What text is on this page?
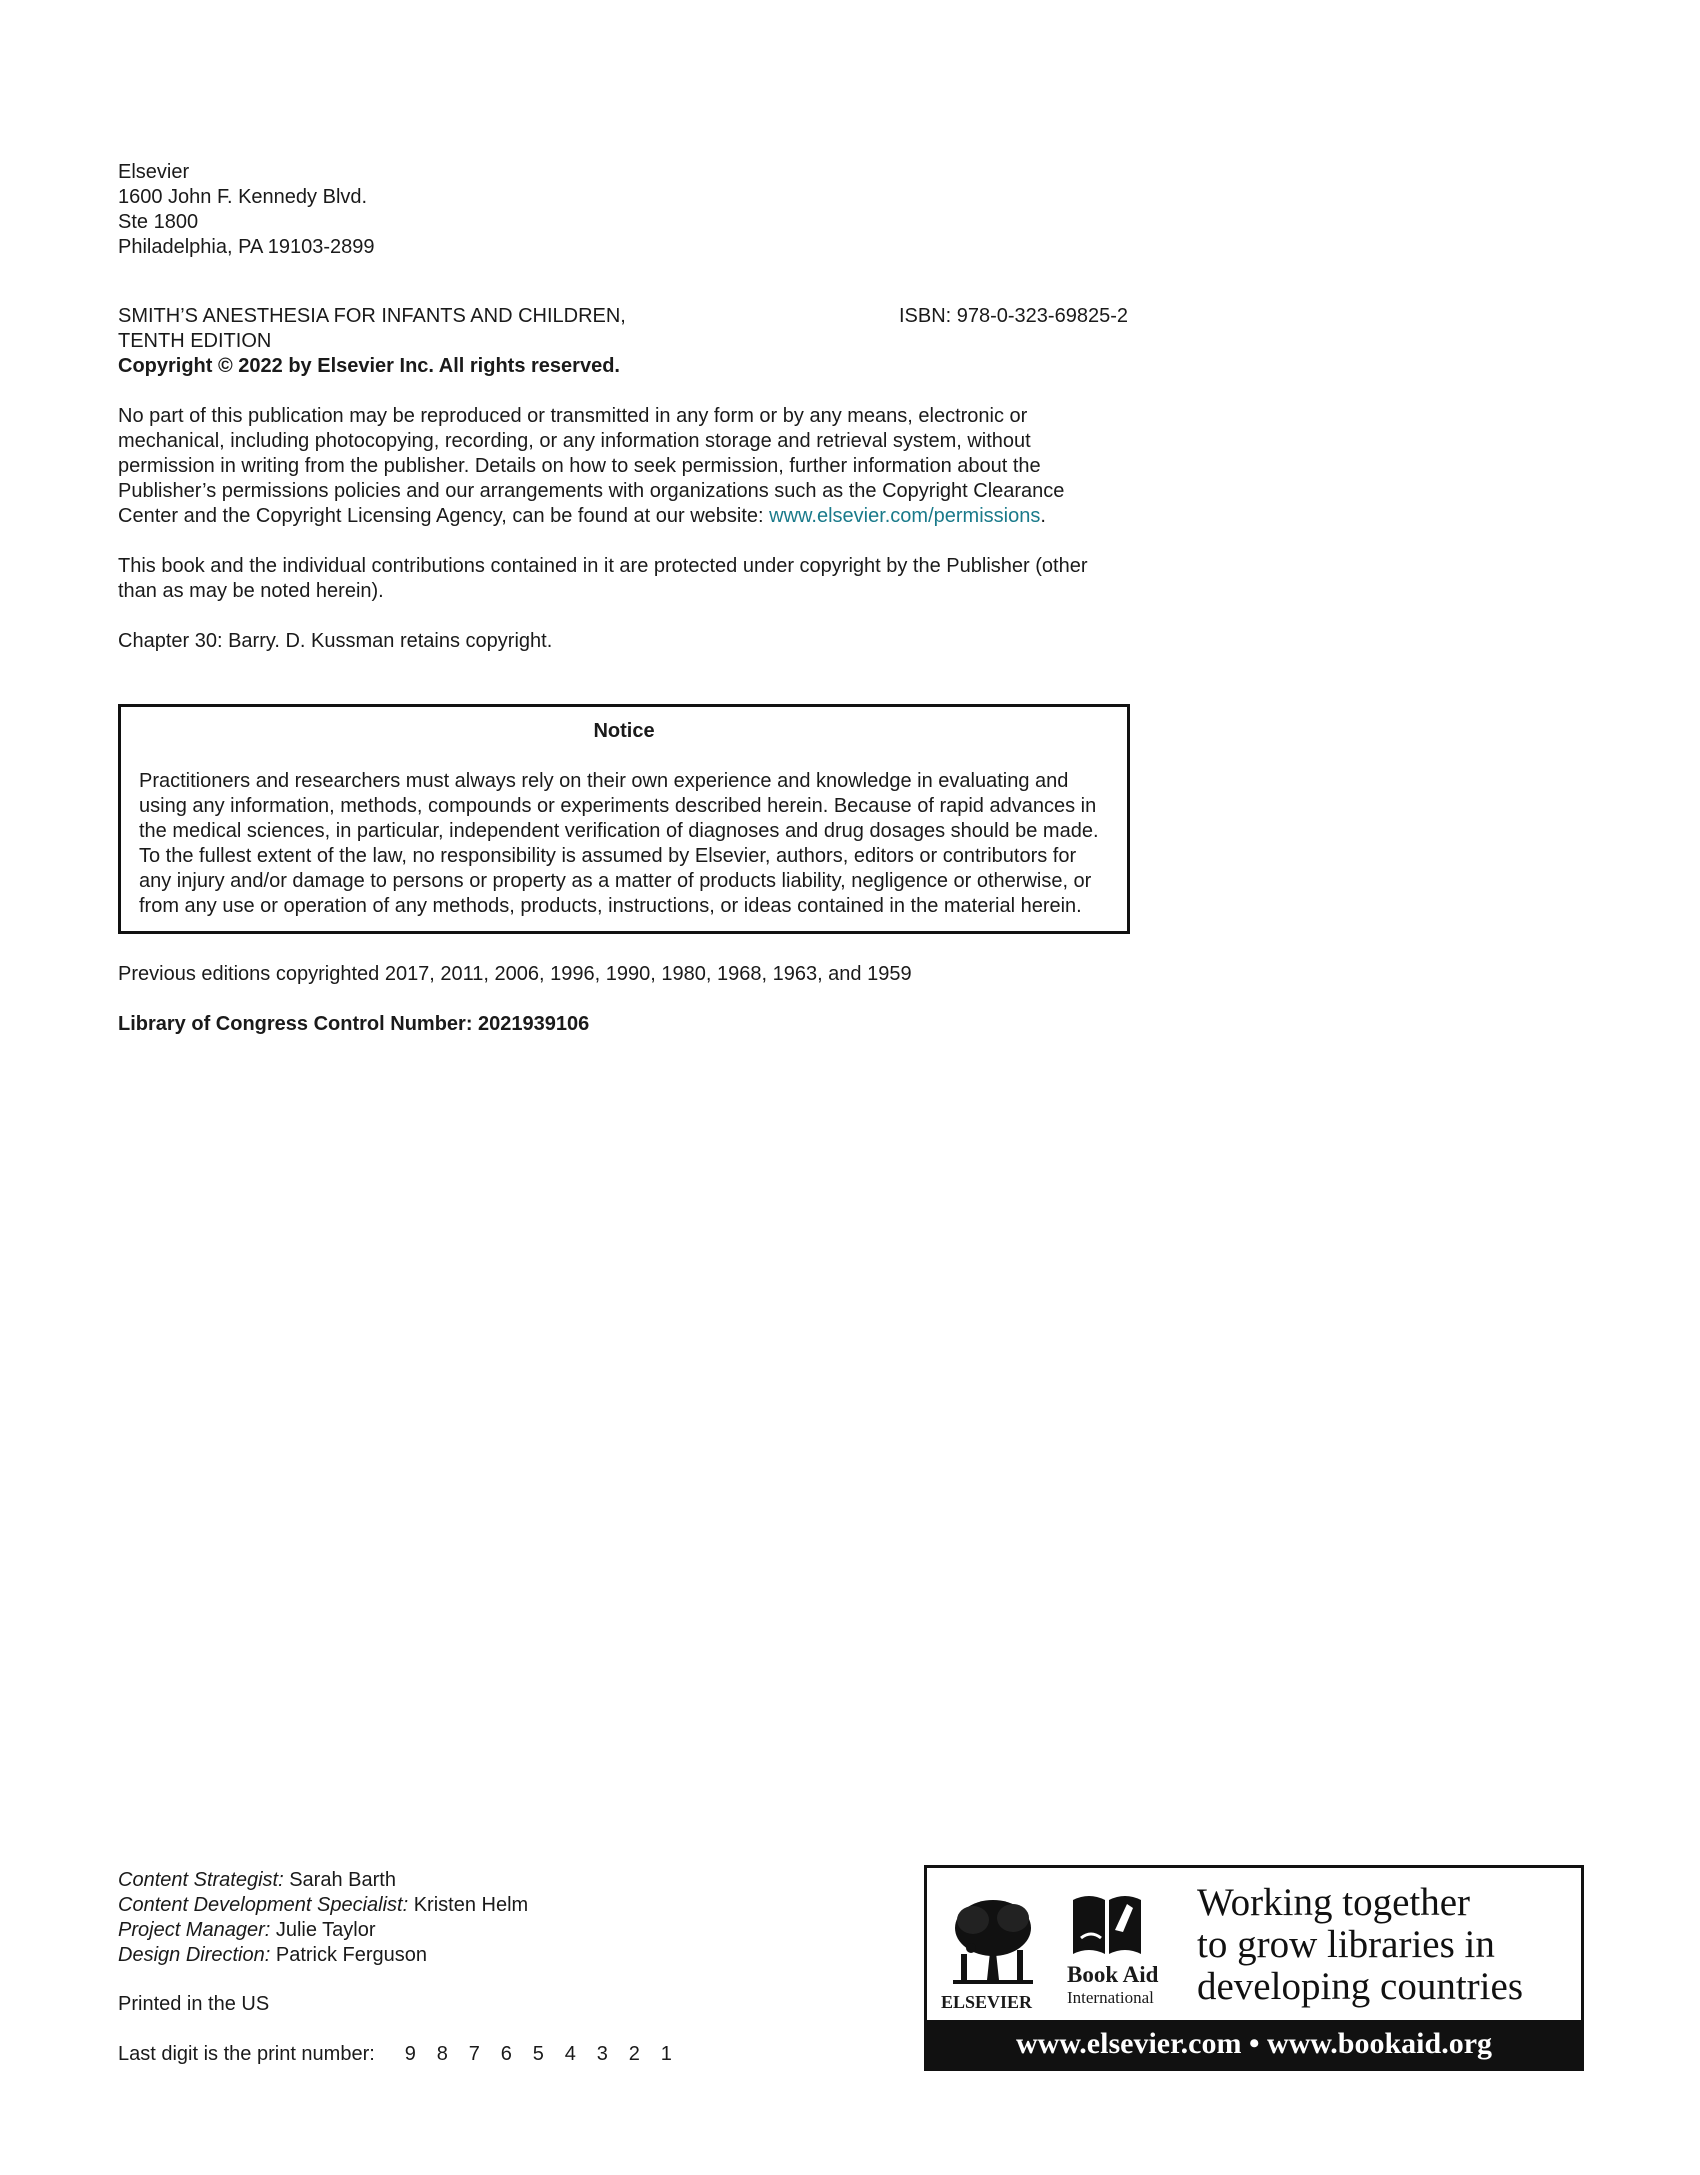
Elsevier
1600 John F. Kennedy Blvd.
Ste 1800
Philadelphia, PA 19103-2899
SMITH’S ANESTHESIA FOR INFANTS AND CHILDREN,
TENTH EDITION
ISBN: 978-0-323-69825-2
Copyright © 2022 by Elsevier Inc. All rights reserved.
No part of this publication may be reproduced or transmitted in any form or by any means, electronic or mechanical, including photocopying, recording, or any information storage and retrieval system, without permission in writing from the publisher. Details on how to seek permission, further information about the Publisher’s permissions policies and our arrangements with organizations such as the Copyright Clearance Center and the Copyright Licensing Agency, can be found at our website: www.elsevier.com/permissions.
This book and the individual contributions contained in it are protected under copyright by the Publisher (other than as may be noted herein).
Chapter 30: Barry. D. Kussman retains copyright.
Notice
Practitioners and researchers must always rely on their own experience and knowledge in evaluating and using any information, methods, compounds or experiments described herein. Because of rapid advances in the medical sciences, in particular, independent verification of diagnoses and drug dosages should be made. To the fullest extent of the law, no responsibility is assumed by Elsevier, authors, editors or contributors for any injury and/or damage to persons or property as a matter of products liability, negligence or otherwise, or from any use or operation of any methods, products, instructions, or ideas contained in the material herein.
Previous editions copyrighted 2017, 2011, 2006, 1996, 1990, 1980, 1968, 1963, and 1959
Library of Congress Control Number: 2021939106
Content Strategist: Sarah Barth
Content Development Specialist: Kristen Helm
Project Manager: Julie Taylor
Design Direction: Patrick Ferguson
Printed in the US
Last digit is the print number: 9 8 7 6 5 4 3 2 1
ELSEVIER
Book Aid
International
Working together
to grow libraries in
developing countries
www.elsevier.com • www.bookaid.org
